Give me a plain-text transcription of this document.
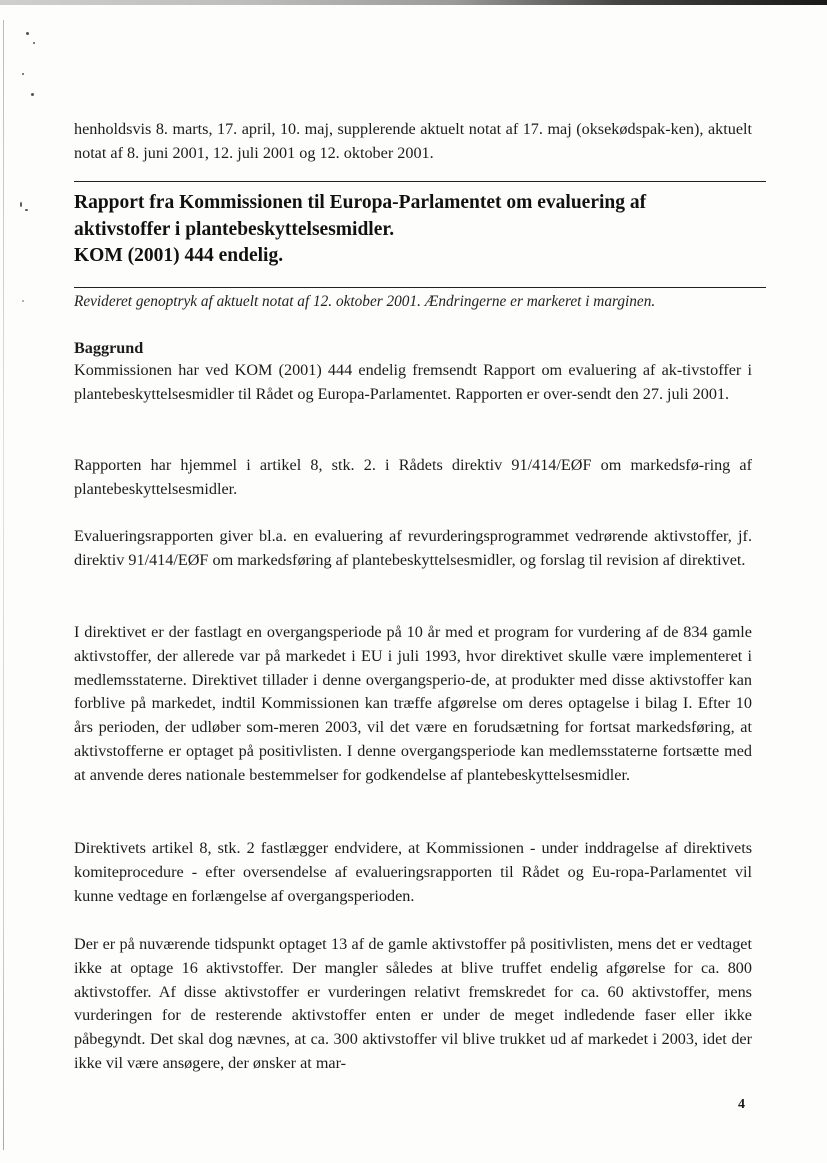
henholdsvis 8. marts, 17. april, 10. maj, supplerende aktuelt notat af 17. maj (oksekødspak-ken), aktuelt notat af 8. juni 2001, 12. juli 2001 og 12. oktober 2001.

Rapport fra Kommissionen til Europa-Parlamentet om evaluering af
aktivstoffer i plantebeskyttelsesmidler.
KOM (2001) 444 endelig.
Revideret genoptryk af aktuelt notat af 12. oktober 2001. Ændringerne er markeret i marginen.
Baggrund

Kommissionen har ved KOM (2001) 444 endelig fremsendt Rapport om evaluering af ak-tivstoffer i plantebeskyttelsesmidler til Rådet og Europa-Parlamentet. Rapporten er over-sendt den 27. juli 2001.

Rapporten har hjemmel i artikel 8, stk. 2. i Rådets direktiv 91/414/EØF om markedsfø-ring af plantebeskyttelsesmidler.

Evalueringsrapporten giver bl.a. en evaluering af revurderingsprogrammet vedrørende aktivstoffer, jf. direktiv 91/414/EØF om markedsføring af plantebeskyttelsesmidler, og forslag til revision af direktivet.

I direktivet er der fastlagt en overgangsperiode på 10 år med et program for vurdering af de 834 gamle aktivstoffer, der allerede var på markedet i EU i juli 1993, hvor direktivet skulle være implementeret i medlemsstaterne. Direktivet tillader i denne overgangsperio-de, at produkter med disse aktivstoffer kan forblive på markedet, indtil Kommissionen kan træffe afgørelse om deres optagelse i bilag I. Efter 10 års perioden, der udløber som-meren 2003, vil det være en forudsætning for fortsat markedsføring, at aktivstofferne er optaget på positivlisten. I denne overgangsperiode kan medlemsstaterne fortsætte med at anvende deres nationale bestemmelser for godkendelse af plantebeskyttelsesmidler.

Direktivets artikel 8, stk. 2 fastlægger endvidere, at Kommissionen - under inddragelse af direktivets komiteprocedure - efter oversendelse af evalueringsrapporten til Rådet og Eu-ropa-Parlamentet vil kunne vedtage en forlængelse af overgangsperioden.

Der er på nuværende tidspunkt optaget 13 af de gamle aktivstoffer på positivlisten, mens det er vedtaget ikke at optage 16 aktivstoffer. Der mangler således at blive truffet endelig afgørelse for ca. 800 aktivstoffer. Af disse aktivstoffer er vurderingen relativt fremskredet for ca. 60 aktivstoffer, mens vurderingen for de resterende aktivstoffer enten er under de meget indledende faser eller ikke påbegyndt. Det skal dog nævnes, at ca. 300 aktivstoffer vil blive trukket ud af markedet i 2003, idet der ikke vil være ansøgere, der ønsker at mar-

4
